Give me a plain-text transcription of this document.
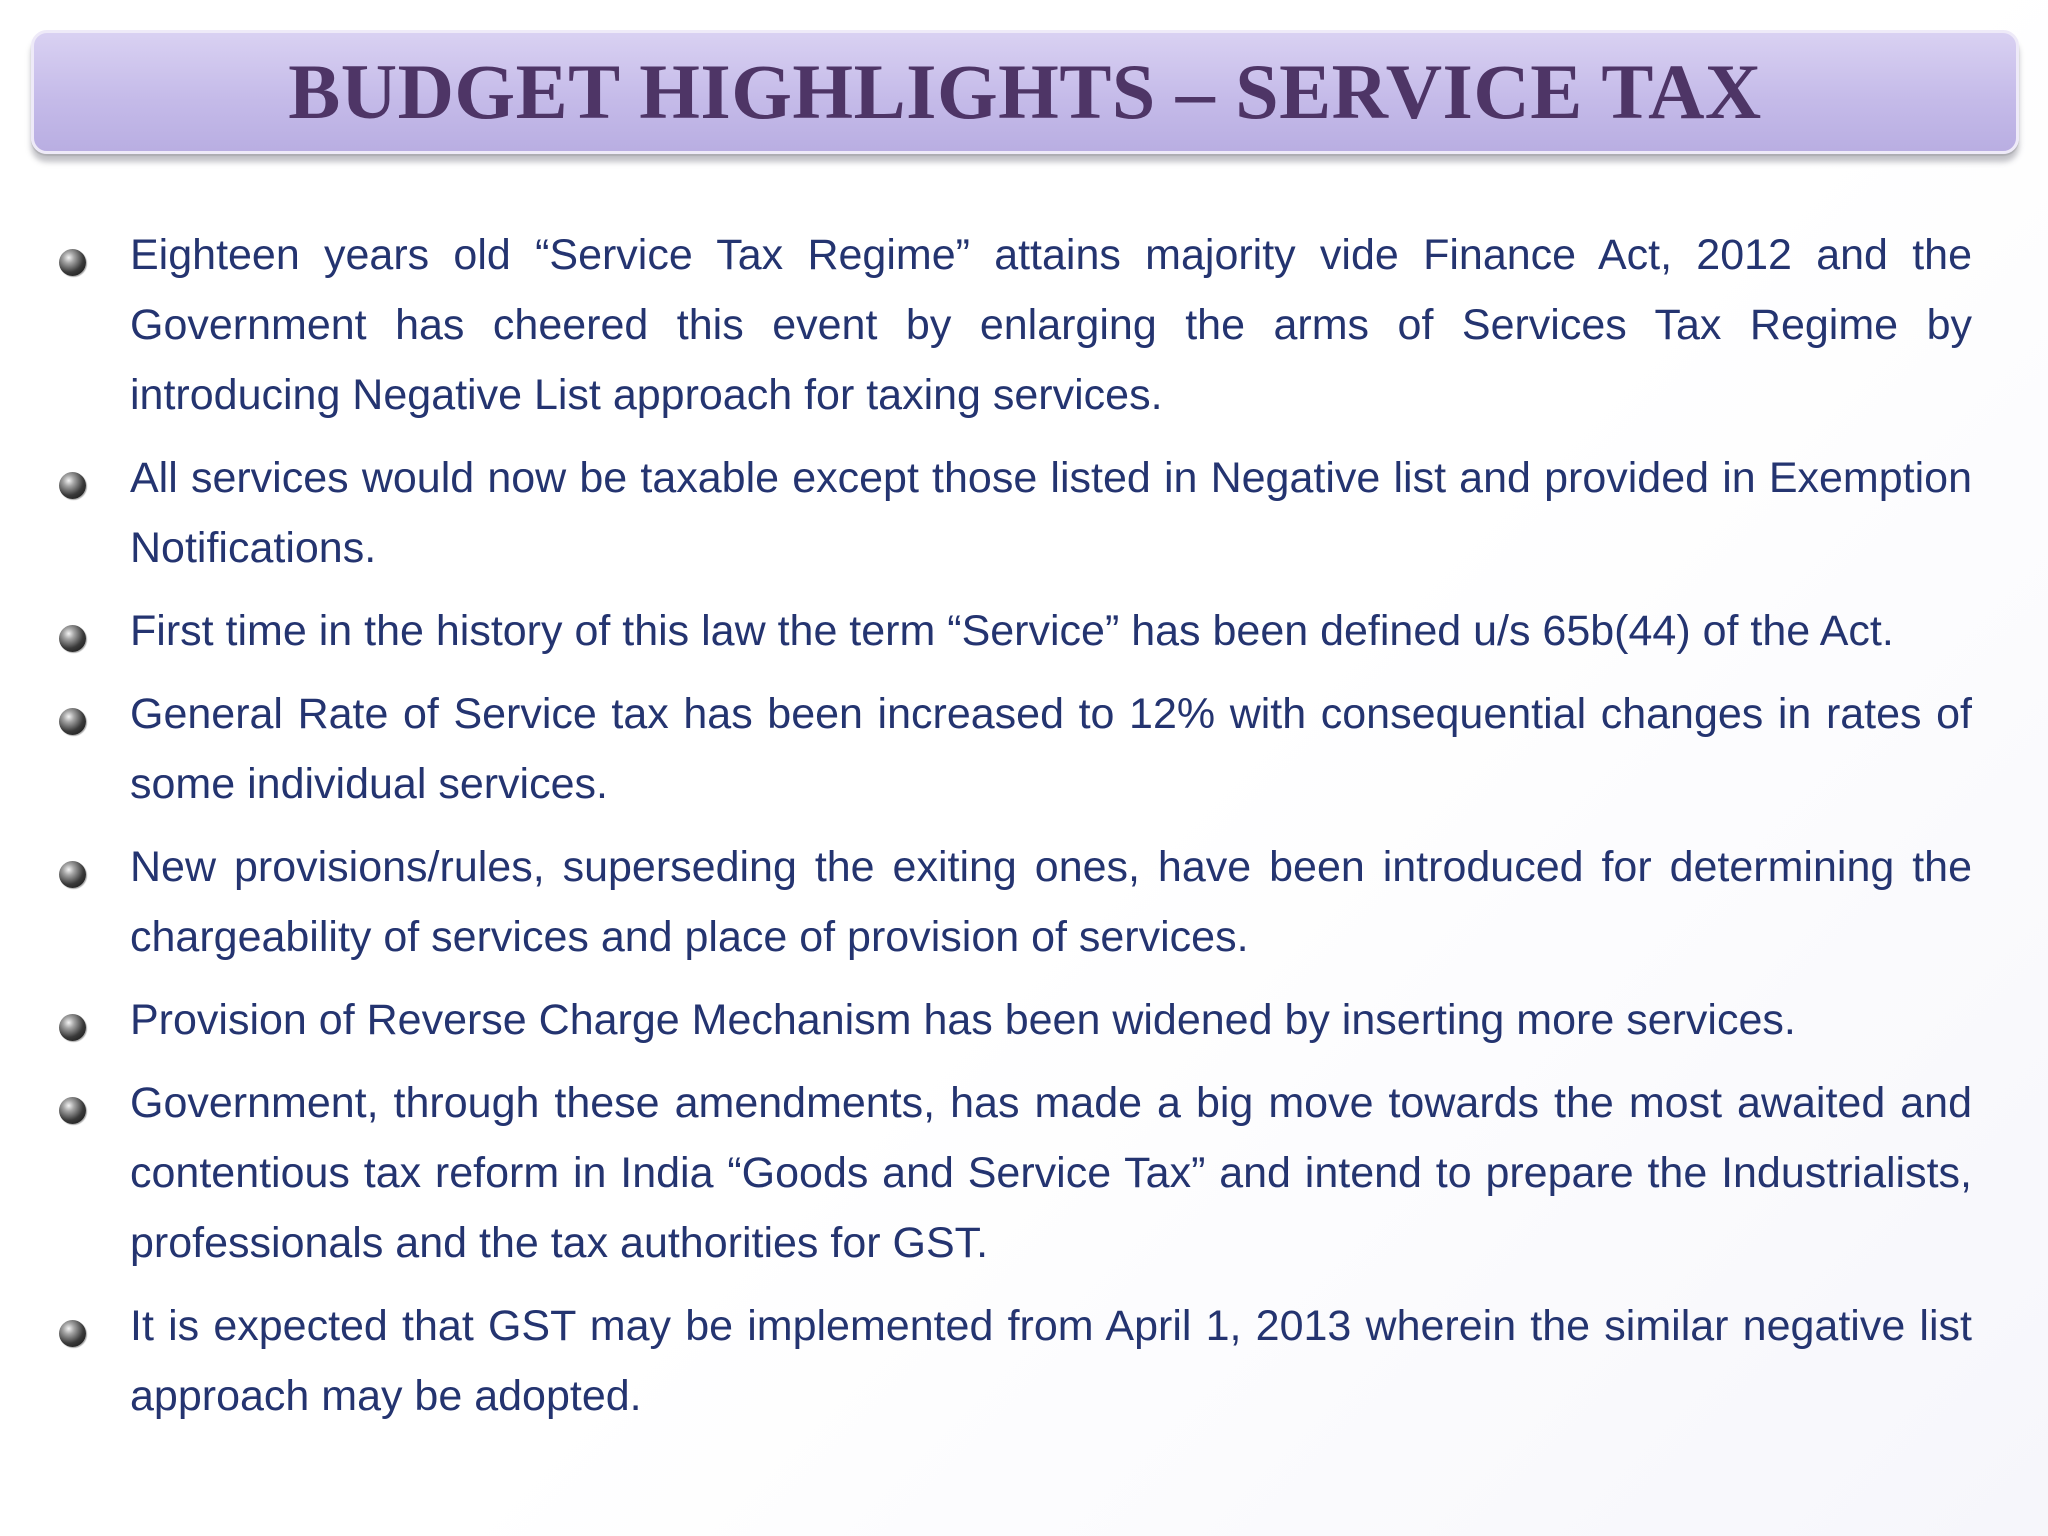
BUDGET HIGHLIGHTS – SERVICE TAX

Eighteen years old “Service Tax Regime” attains majority vide Finance Act, 2012 and the Government has cheered this event by enlarging the arms of Services Tax Regime by introducing Negative List approach for taxing services.

All services would now be taxable except those listed in Negative list and provided in Exemption Notifications.

First time in the history of this law the term “Service” has been defined u/s 65b(44) of the Act.

General Rate of Service tax has been increased to 12% with consequential changes in rates of some individual services.

New provisions/rules, superseding the exiting ones, have been introduced for determining the chargeability of services and place of provision of services.

Provision of Reverse Charge Mechanism has been widened by inserting more services.

Government, through these amendments, has made a big move towards the most awaited and contentious tax reform in India “Goods and Service Tax” and intend to prepare the Industrialists, professionals and the tax authorities for GST.

It is expected that GST may be implemented from April 1, 2013 wherein the similar negative list approach may be adopted.
